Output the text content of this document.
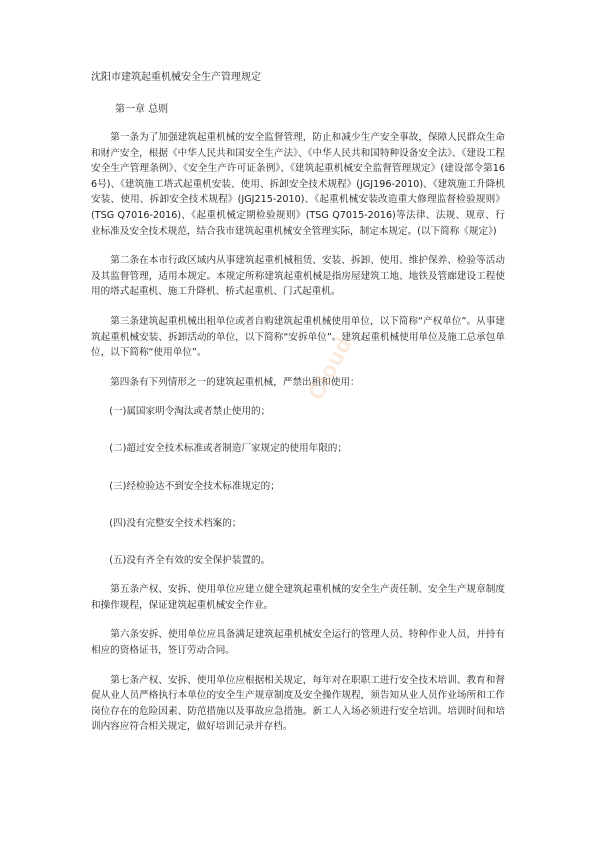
沈阳市建筑起重机械安全生产管理规定
第一章 总则

第一条为了加强建筑起重机械的安全监督管理，防止和减少生产安全事故，保障人民群众生命和财产安全，根据《中华人民共和国安全生产法》、《中华人民共和国特种设备安全法》、《建设工程安全生产管理条例》、《安全生产许可证条例》、《建筑起重机械安全监督管理规定》(建设部令第166号)、《建筑施工塔式起重机安装、使用、拆卸安全技术规程》(JGJ196-2010)、《建筑施工升降机安装、使用、拆卸安全技术规程》(JGJ215-2010)、《起重机械安装改造重大修理监督检验规则》(TSG Q7016-2016)、《起重机械定期检验规则》(TSG Q7015-2016)等法律、法规、规章、行业标准及安全技术规范，结合我市建筑起重机械安全管理实际，制定本规定。(以下简称《规定》)

第二条在本市行政区域内从事建筑起重机械租赁、安装、拆卸、使用、维护保养、检验等活动及其监督管理，适用本规定。本规定所称建筑起重机械是指房屋建筑工地、地铁及管廊建设工程使用的塔式起重机、施工升降机、桥式起重机、门式起重机。

第三条建筑起重机械出租单位或者自购建筑起重机械使用单位，以下简称“产权单位”。从事建筑起重机械安装、拆卸活动的单位，以下简称“安拆单位”。建筑起重机械使用单位及施工总承包单位，以下简称“使用单位”。

第四条有下列情形之一的建筑起重机械，严禁出租和使用：

(一)属国家明令淘汰或者禁止使用的；
(二)超过安全技术标准或者制造厂家规定的使用年限的；
(三)经检验达不到安全技术标准规定的；
(四)没有完整安全技术档案的；
(五)没有齐全有效的安全保护装置的。

第五条产权、安拆、使用单位应建立健全建筑起重机械的安全生产责任制、安全生产规章制度和操作规程，保证建筑起重机械安全作业。

第六条安拆、使用单位应具备满足建筑起重机械安全运行的管理人员、特种作业人员，并持有相应的资格证书，签订劳动合同。

第七条产权、安拆、使用单位应根据相关规定，每年对在职职工进行安全技术培训、教育和督促从业人员严格执行本单位的安全生产规章制度及安全操作规程，须告知从业人员作业场所和工作岗位存在的危险因素、防范措施以及事故应急措施。新工人入场必须进行安全培训。培训时间和培训内容应符合相关规定，做好培训记录并存档。

Cloud
